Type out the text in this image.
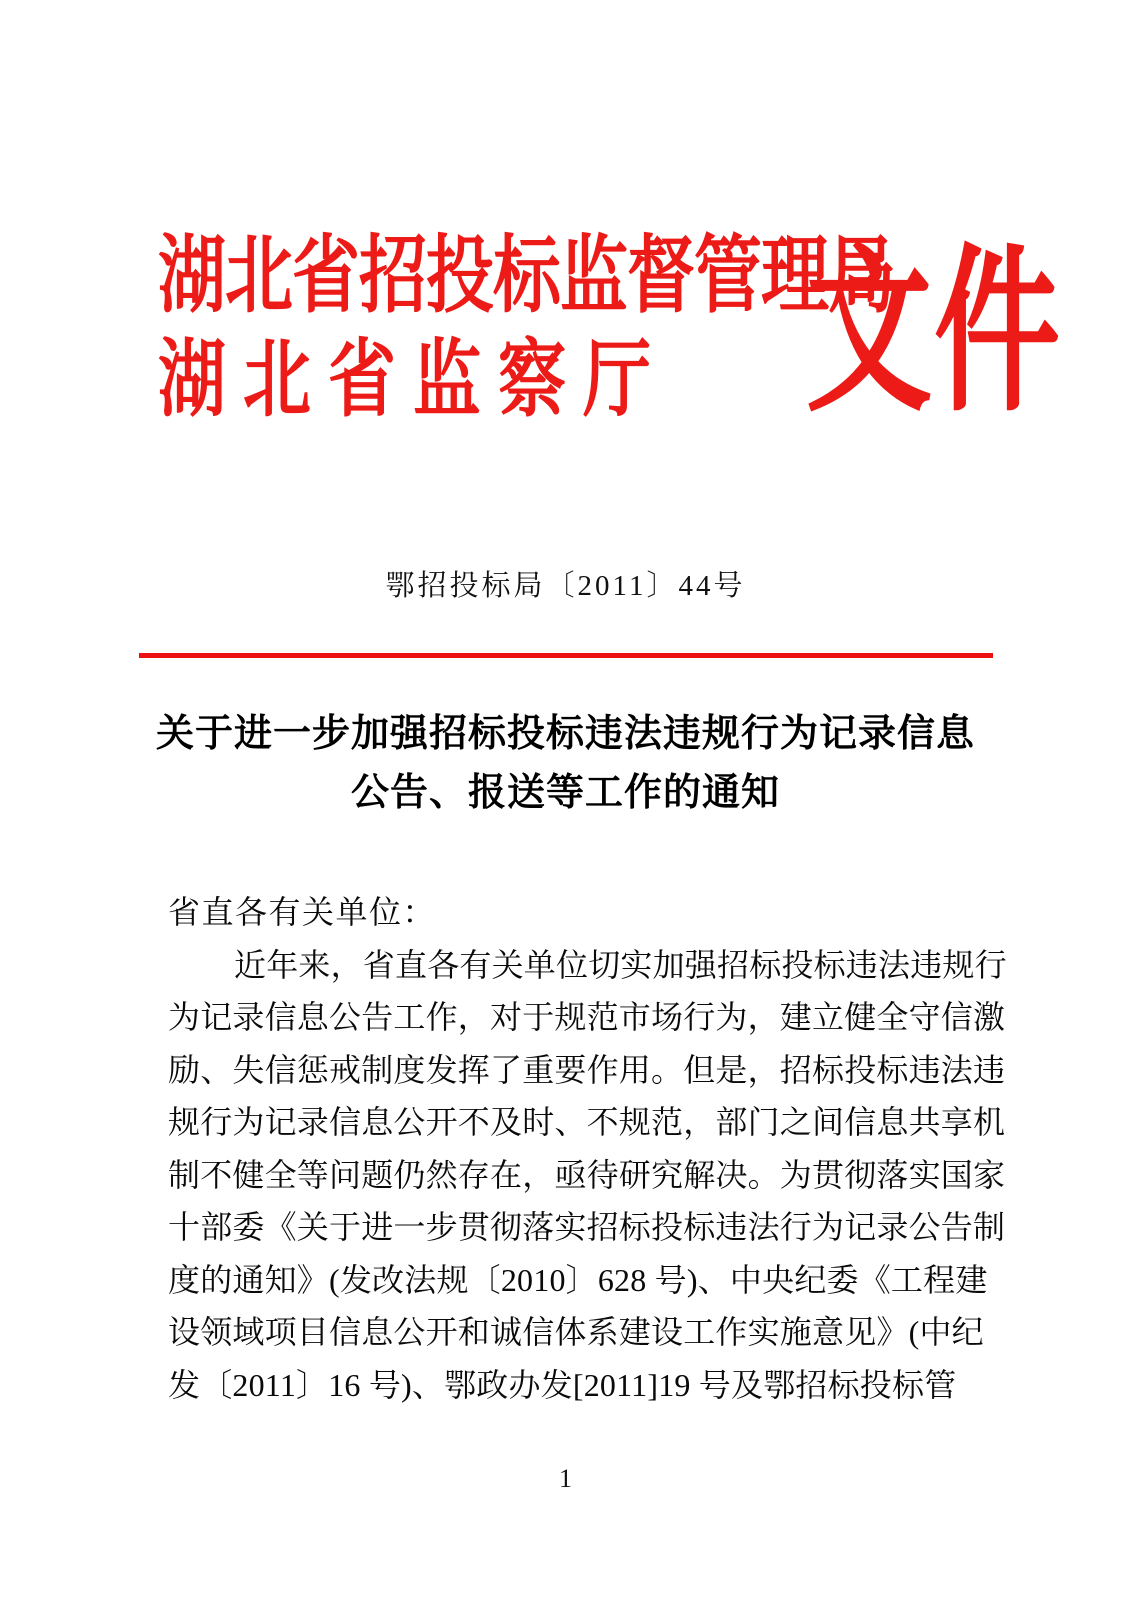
湖北省招投标监督管理局
湖北省监察厅	文件
鄂招投标局〔2011〕44号
关于进一步加强招标投标违法违规行为记录信息
公告、报送等工作的通知
省直各有关单位：
近年来，省直各有关单位切实加强招标投标违法违规行
为记录信息公告工作，对于规范市场行为，建立健全守信激
励、失信惩戒制度发挥了重要作用。但是，招标投标违法违
规行为记录信息公开不及时、不规范，部门之间信息共享机
制不健全等问题仍然存在，亟待研究解决。为贯彻落实国家
十部委《关于进一步贯彻落实招标投标违法行为记录公告制
度的通知》(发改法规〔2010〕628 号)、中央纪委《工程建
设领域项目信息公开和诚信体系建设工作实施意见》(中纪
发〔2011〕16 号)、鄂政办发[2011]19 号及鄂招标投标管
1
